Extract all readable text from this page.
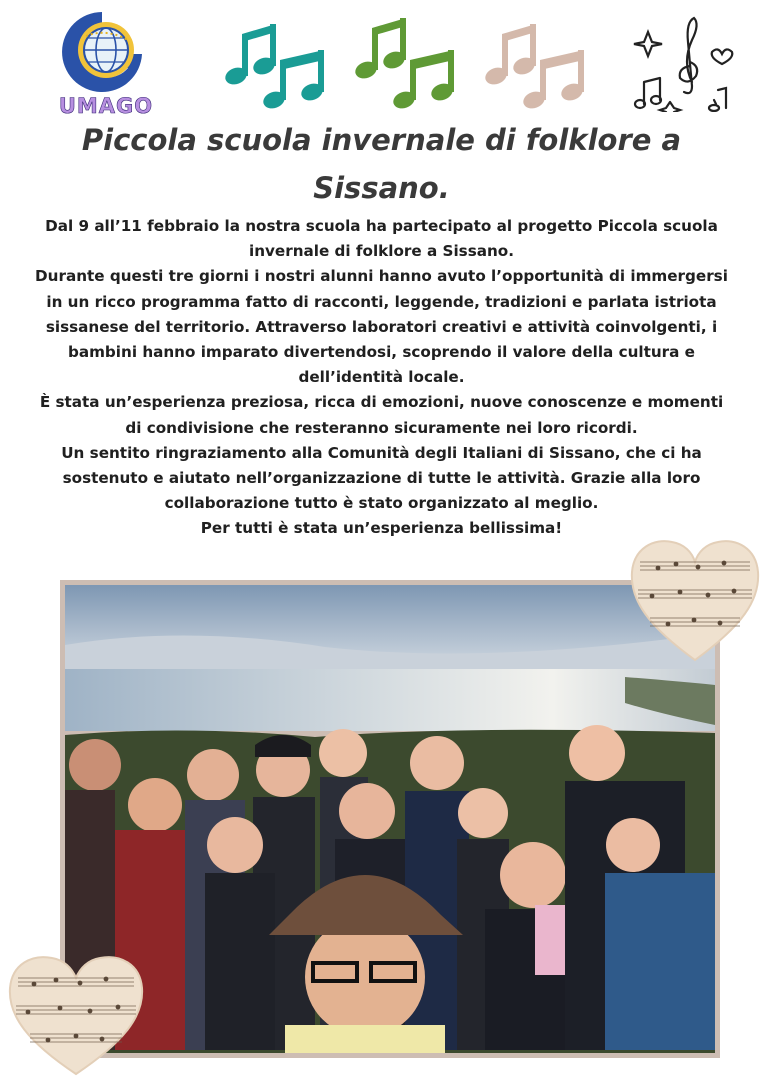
UMAGO
Piccola scuola invernale di folklore a Sissano.

Dal 9 all’11 febbraio la nostra scuola ha partecipato al progetto Piccola scuola invernale di folklore a Sissano.

Durante questi tre giorni i nostri alunni hanno avuto l’opportunità di immergersi in un ricco programma fatto di racconti, leggende, tradizioni e parlata istriota sissanese del territorio. Attraverso laboratori creativi e attività coinvolgenti, i bambini hanno imparato divertendosi, scoprendo il valore della cultura e dell’identità locale.

È stata un’esperienza preziosa, ricca di emozioni, nuove conoscenze e momenti di condivisione che resteranno sicuramente nei loro ricordi.

Un sentito ringraziamento alla Comunità degli Italiani di Sissano, che ci ha sostenuto e aiutato nell’organizzazione di tutte le attività. Grazie alla loro collaborazione tutto è stato organizzato al meglio.

Per tutti è stata un’esperienza bellissima!
